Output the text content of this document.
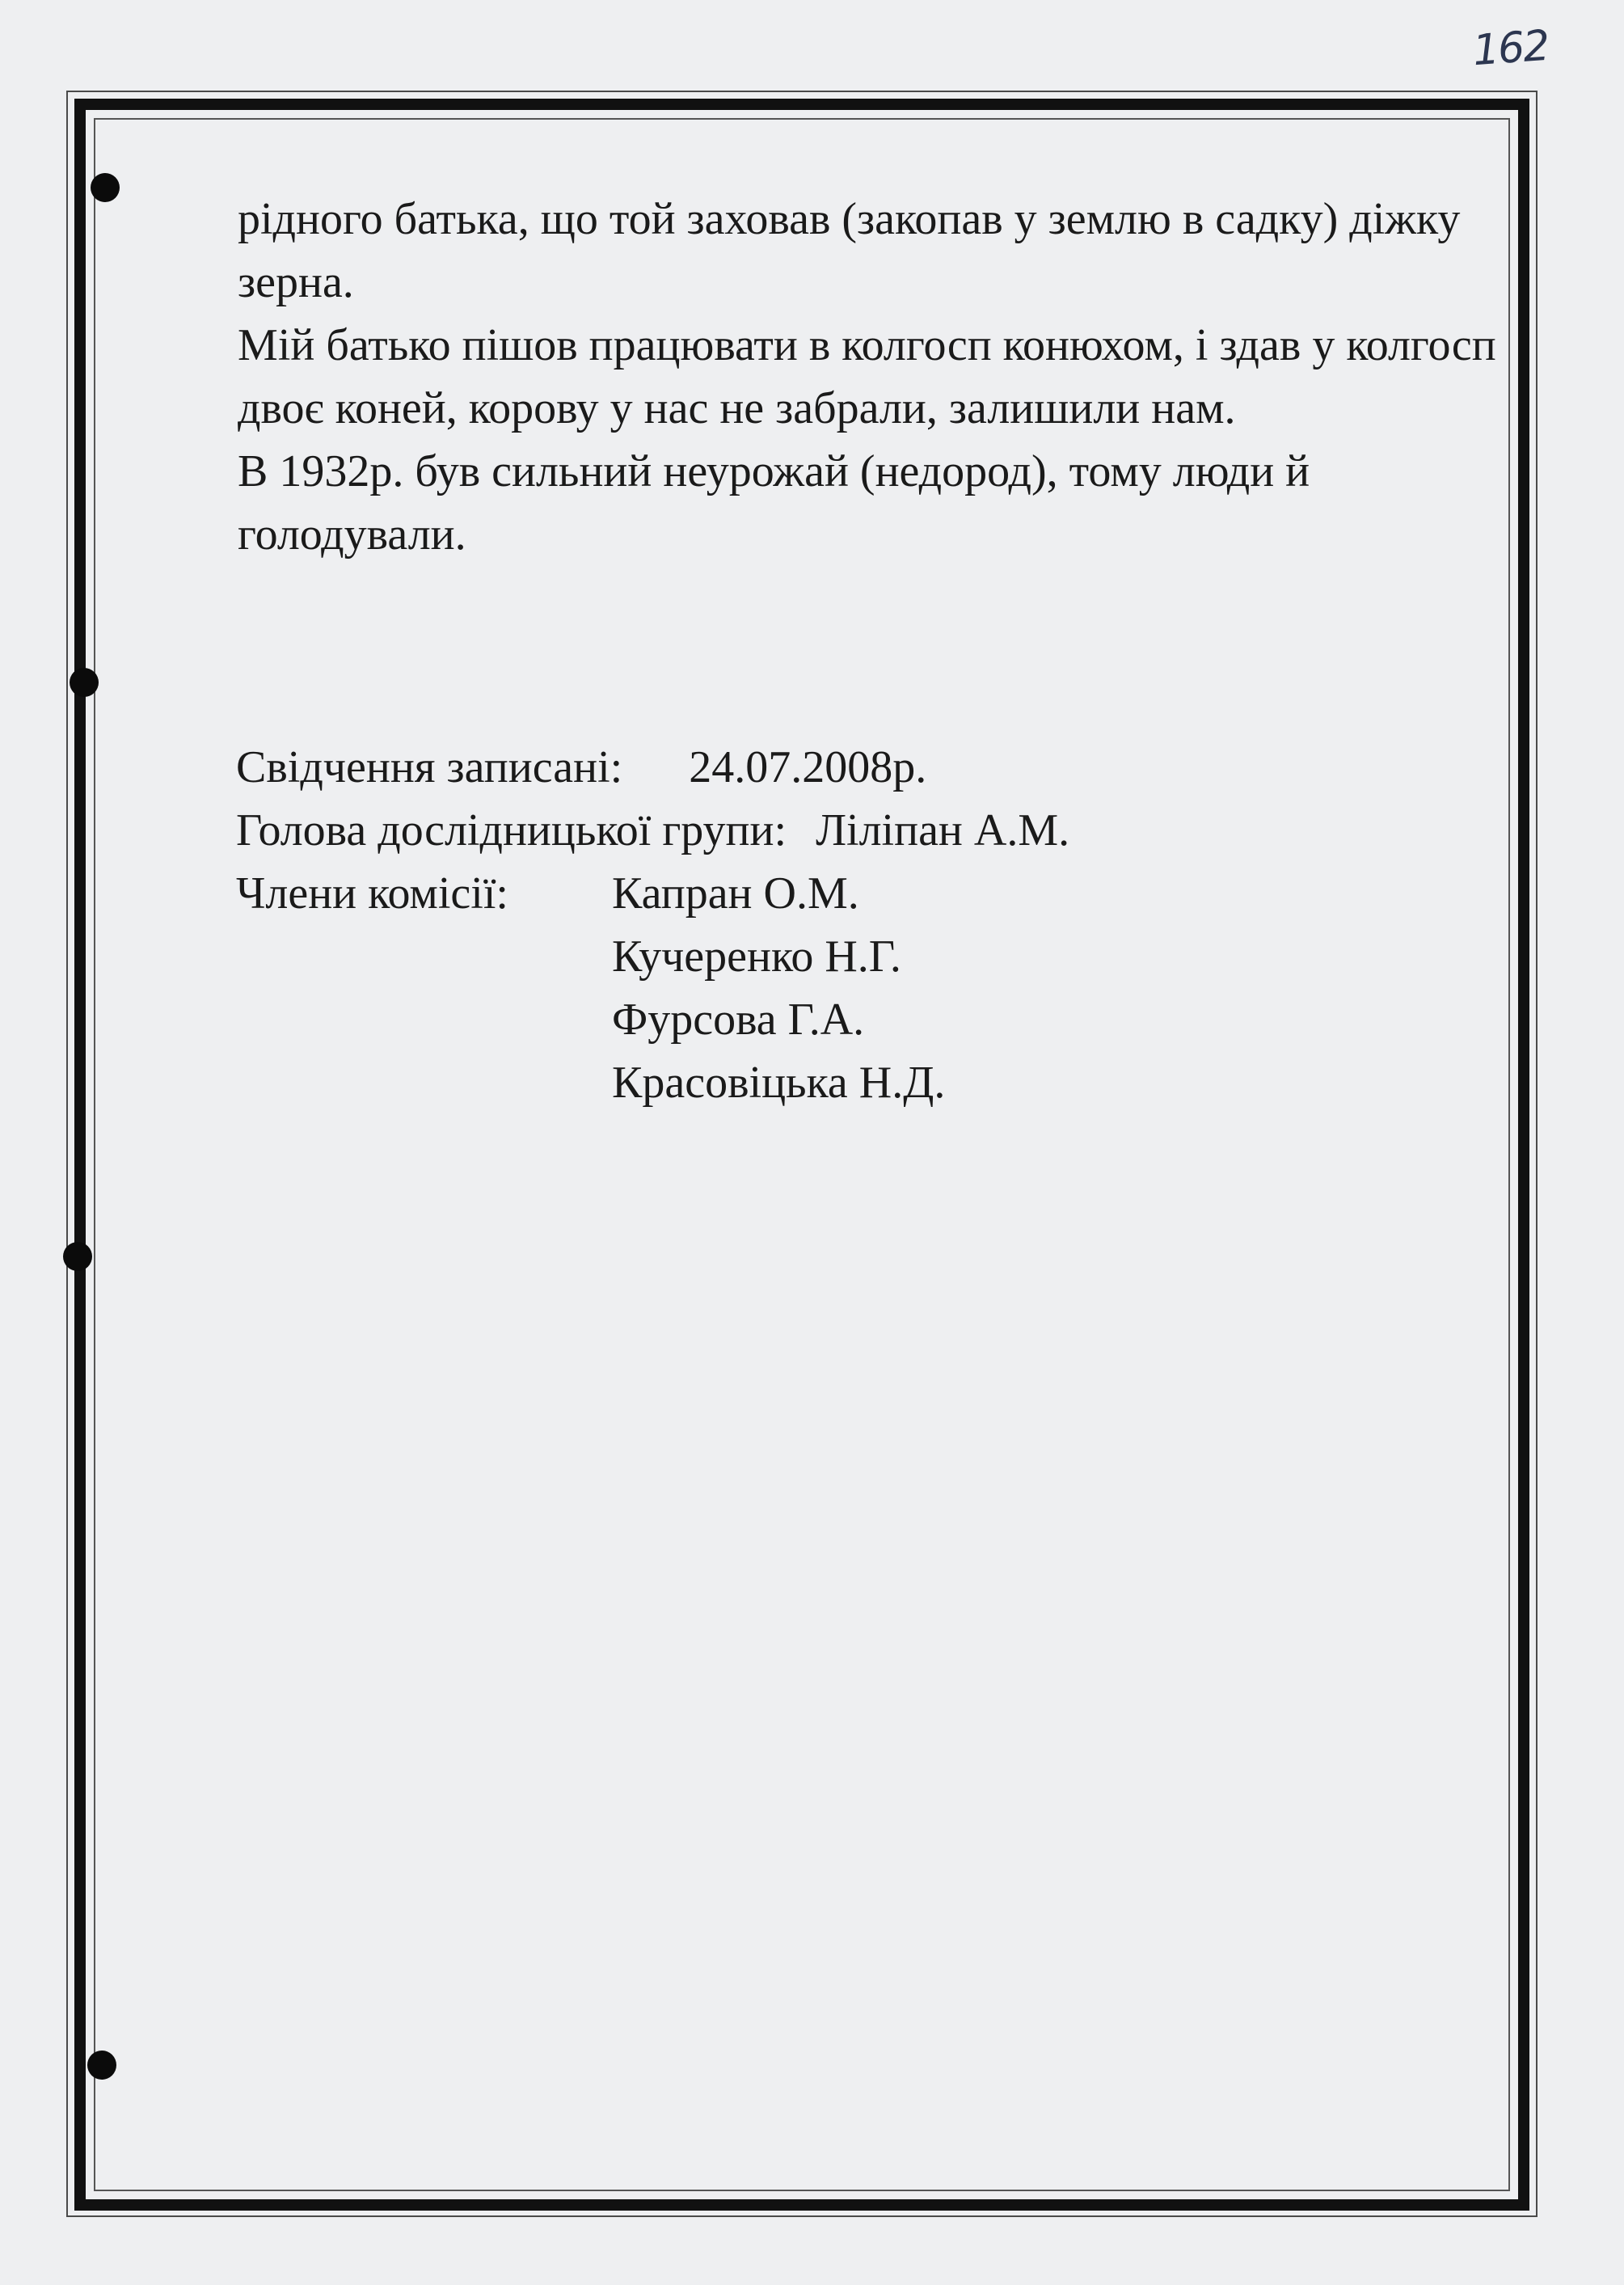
162

рідного батька, що той заховав (закопав у землю в садку) діжку зерна.

Мій батько пішов працювати в колгосп конюхом, і здав у колгосп двоє коней, корову у нас не забрали, залишили нам.

В 1932р. був сильний неурожай (недород), тому люди й голодували.

Свідчення записані: 24.07.2008р.
Голова дослідницької групи: Ліліпан А.М.
Члени комісії:	Капран О.М.
Кучеренко Н.Г.
Фурсова Г.А.
Красовіцька Н.Д.
